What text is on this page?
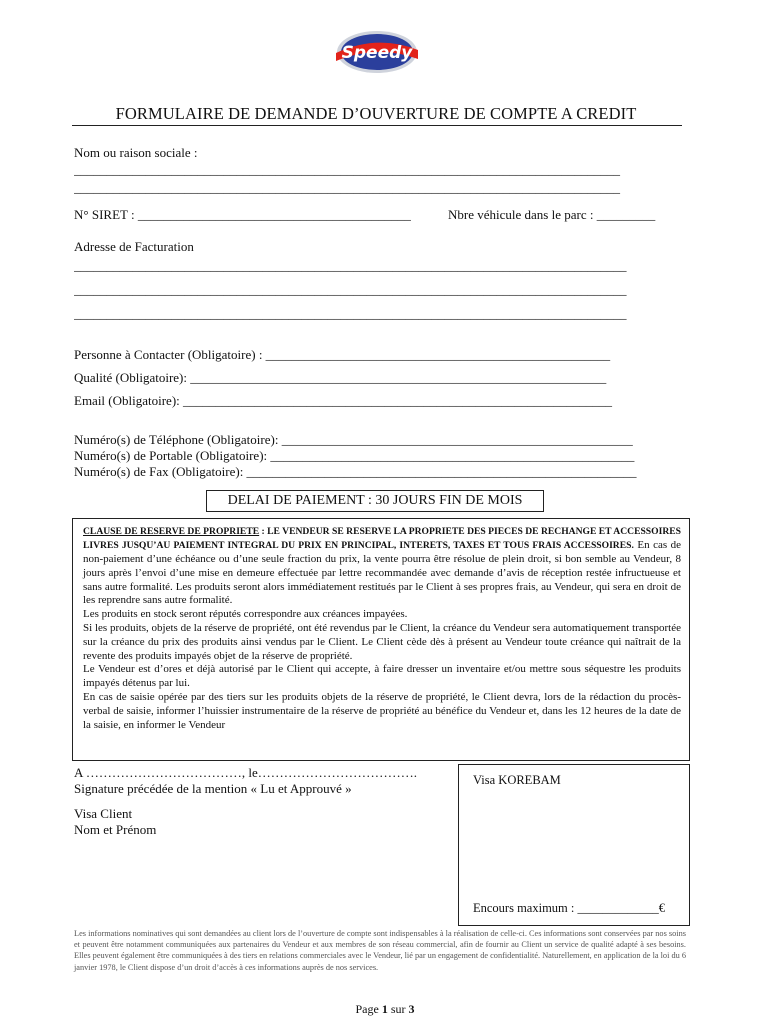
Speedy
FORMULAIRE DE DEMANDE D’OUVERTURE DE COMPTE A CREDIT
Nom ou raison sociale :
____________________________________________________________________________________
____________________________________________________________________________________
N° SIRET : __________________________________________	Nbre véhicule dans le parc : _________
Adresse de Facturation
_____________________________________________________________________________________
_____________________________________________________________________________________
_____________________________________________________________________________________
Personne à Contacter (Obligatoire) : _____________________________________________________
Qualité (Obligatoire): ________________________________________________________________
Email (Obligatoire): __________________________________________________________________
Numéro(s) de Téléphone (Obligatoire): ______________________________________________________
Numéro(s) de Portable (Obligatoire): ________________________________________________________
Numéro(s) de Fax (Obligatoire): ____________________________________________________________
DELAI DE PAIEMENT : 30 JOURS FIN DE MOIS

CLAUSE DE RESERVE DE PROPRIETE : LE VENDEUR SE RESERVE LA PROPRIETE DES PIECES DE RECHANGE ET ACCESSOIRES LIVRES JUSQU’AU PAIEMENT INTEGRAL DU PRIX EN PRINCIPAL, INTERETS, TAXES ET TOUS FRAIS ACCESSOIRES. En cas de non-paiement d’une échéance ou d’une seule fraction du prix, la vente pourra être résolue de plein droit, si bon semble au Vendeur, 8 jours après l’envoi d’une mise en demeure effectuée par lettre recommandée avec demande d’avis de réception restée infructueuse et sans autre formalité. Les produits seront alors immédiatement restitués par le Client à ses propres frais, au Vendeur, qui sera en droit de les reprendre sans autre formalité.

Les produits en stock seront réputés correspondre aux créances impayées.

Si les produits, objets de la réserve de propriété, ont été revendus par le Client, la créance du Vendeur sera automatiquement transportée sur la créance du prix des produits ainsi vendus par le Client. Le Client cède dès à présent au Vendeur toute créance qui naîtrait de la revente des produits impayés objet de la réserve de propriété.

Le Vendeur est d’ores et déjà autorisé par le Client qui accepte, à faire dresser un inventaire et/ou mettre sous séquestre les produits impayés détenus par lui.

En cas de saisie opérée par des tiers sur les produits objets de la réserve de propriété, le Client devra, lors de la rédaction du procès-verbal de saisie, informer l’huissier instrumentaire de la réserve de propriété au bénéfice du Vendeur et, dans les 12 heures de la date de la saisie, en informer le Vendeur

A ………………………………, le……………………………….
Signature précédée de la mention « Lu et Approuvé »
Visa Client
Nom et Prénom
Visa KOREBAM
Encours maximum : _____________€
Les informations nominatives qui sont demandées au client lors de l’ouverture de compte sont indispensables à la réalisation de celle-ci. Ces informations sont conservées par nos soins et peuvent être notamment communiquées aux partenaires du Vendeur et aux membres de son réseau commercial, afin de fournir au Client un service de qualité adapté à ses besoins. Elles peuvent également être communiquées à des tiers en relations commerciales avec le Vendeur, lié par un engagement de confidentialité. Naturellement, en application de la loi du 6 janvier 1978, le Client dispose d’un droit d’accès à ces informations auprès de nos services.
Page 1 sur 3
